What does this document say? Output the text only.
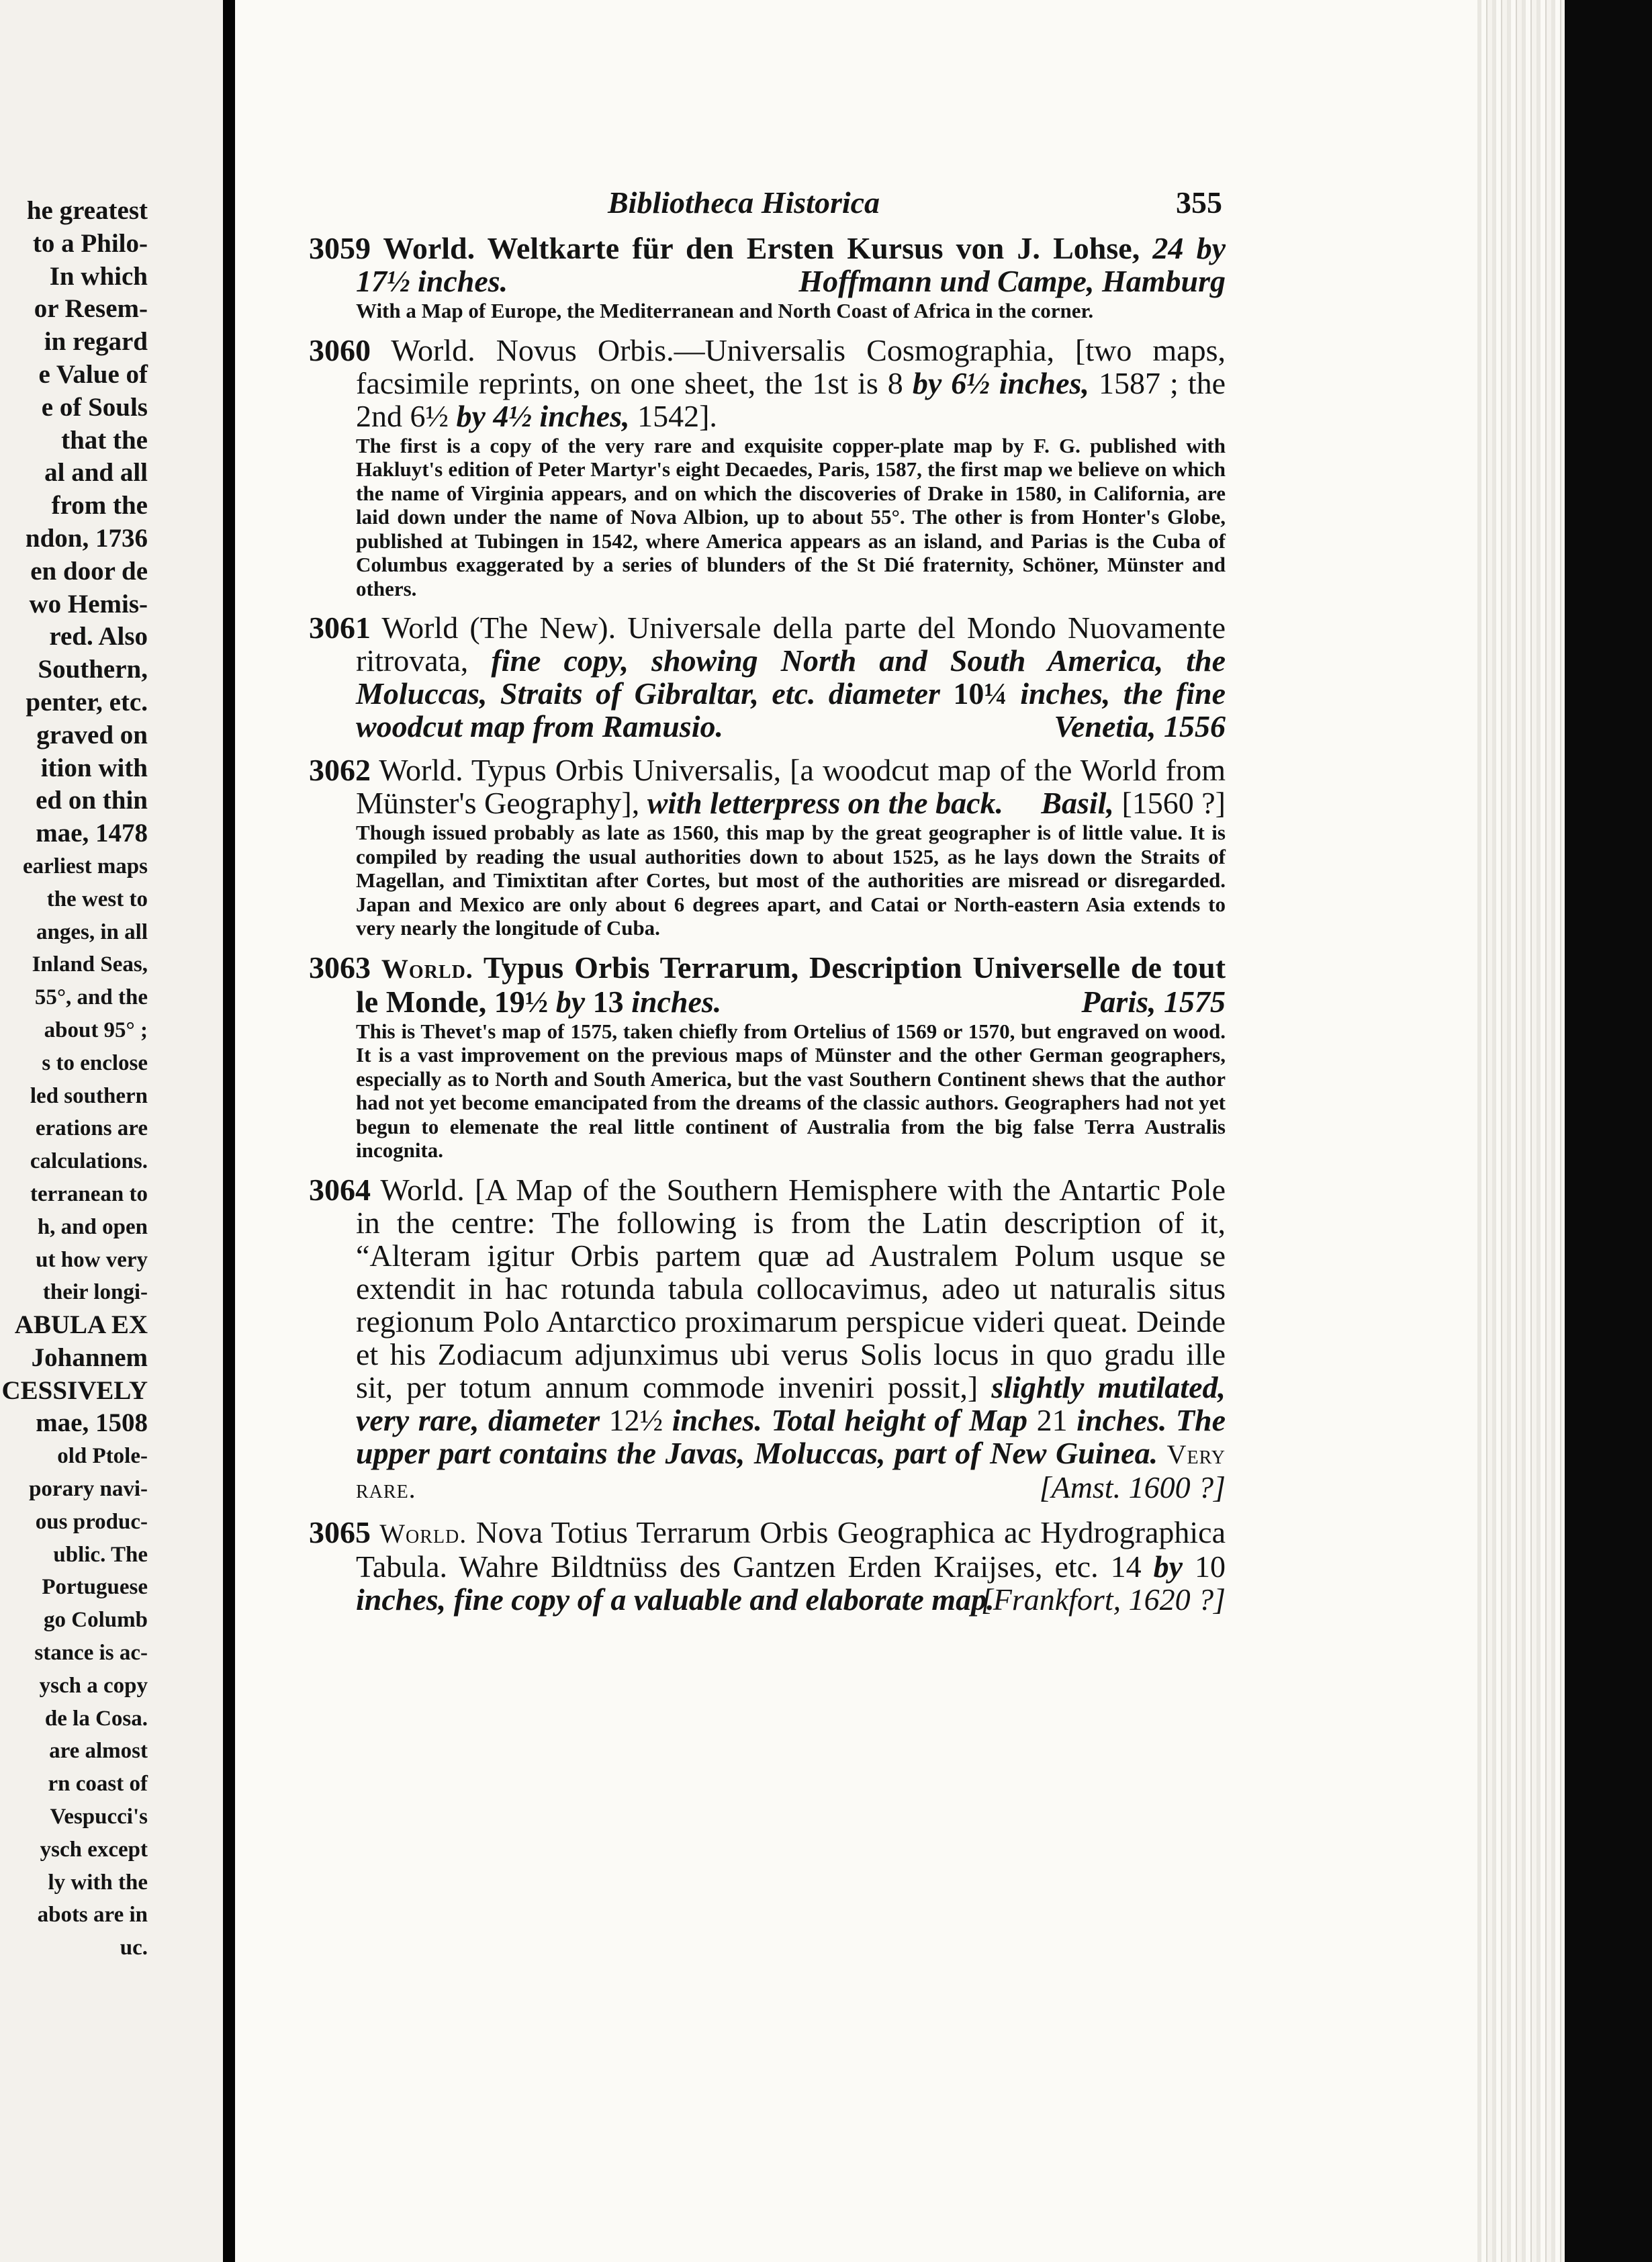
he greatest
to a Philo-
In which
or Resem-
in regard
e Value of
e of Souls
that the
al and all
from the
ndon, 1736
en door de
wo Hemis-
red. Also
Southern,
penter, etc.
graved on
ition with
ed on thin
mae, 1478
earliest maps
the west to
anges, in all
Inland Seas,
55°, and the
about 95° ;
s to enclose
led southern
erations are
calculations.
terranean to
h, and open
ut how very
their longi-
ABULA EX
Johannem
CESSIVELY
mae, 1508
old Ptole-
porary navi-
ous produc-
ublic. The
Portuguese
go Columb
stance is ac-
ysch a copy
de la Cosa.
are almost
rn coast of
Vespucci's
ysch except
ly with the
abots are in
uc.
Bibliotheca Historica	355
3059 World. Weltkarte für den Ersten Kursus von J. Lohse, 24 by 17½ inches.	Hoffmann und Campe, Hamburg
With a Map of Europe, the Mediterranean and North Coast of Africa in the corner.
3060 World. Novus Orbis.—Universalis Cosmographia, [two maps, facsimile reprints, on one sheet, the 1st is 8 by 6½ inches, 1587 ; the 2nd 6½ by 4½ inches, 1542].
The first is a copy of the very rare and exquisite copper-plate map by F. G. published with Hakluyt's edition of Peter Martyr's eight Decaedes, Paris, 1587, the first map we believe on which the name of Virginia appears, and on which the discoveries of Drake in 1580, in California, are laid down under the name of Nova Albion, up to about 55°. The other is from Honter's Globe, published at Tubingen in 1542, where America appears as an island, and Parias is the Cuba of Columbus exaggerated by a series of blunders of the St Dié fraternity, Schöner, Münster and others.
3061 World (The New). Universale della parte del Mondo Nuovamente ritrovata, fine copy, showing North and South America, the Moluccas, Straits of Gibraltar, etc. diameter 10¼ inches, the fine woodcut map from Ramusio.	Venetia, 1556
3062 World. Typus Orbis Universalis, [a woodcut map of the World from Münster's Geography], with letterpress on the back. Basil, [1560 ?]
Though issued probably as late as 1560, this map by the great geographer is of little value. It is compiled by reading the usual authorities down to about 1525, as he lays down the Straits of Magellan, and Timixtitan after Cortes, but most of the authorities are misread or disregarded. Japan and Mexico are only about 6 degrees apart, and Catai or North-eastern Asia extends to very nearly the longitude of Cuba.
3063 World. Typus Orbis Terrarum, Description Universelle de tout le Monde, 19½ by 13 inches.	Paris, 1575
This is Thevet's map of 1575, taken chiefly from Ortelius of 1569 or 1570, but engraved on wood. It is a vast improvement on the previous maps of Münster and the other German geographers, especially as to North and South America, but the vast Southern Continent shews that the author had not yet become emancipated from the dreams of the classic authors. Geographers had not yet begun to elemenate the real little continent of Australia from the big false Terra Australis incognita.
3064 World. [A Map of the Southern Hemisphere with the Antartic Pole in the centre: The following is from the Latin description of it, “Alteram igitur Orbis partem quæ ad Australem Polum usque se extendit in hac rotunda tabula collocavimus, adeo ut naturalis situs regionum Polo Antarctico proximarum perspicue videri queat. Deinde et his Zodiacum adjunximus ubi verus Solis locus in quo gradu ille sit, per totum annum commode inveniri possit,] slightly mutilated, very rare, diameter 12½ inches. Total height of Map 21 inches. The upper part contains the Javas, Moluccas, part of New Guinea. Very rare.	[Amst. 1600 ?]
3065 World. Nova Totius Terrarum Orbis Geographica ac Hydrographica Tabula. Wahre Bildtnüss des Gantzen Erden Kraijses, etc. 14 by 10 inches, fine copy of a valuable and elaborate map.
[Frankfort, 1620 ?]
